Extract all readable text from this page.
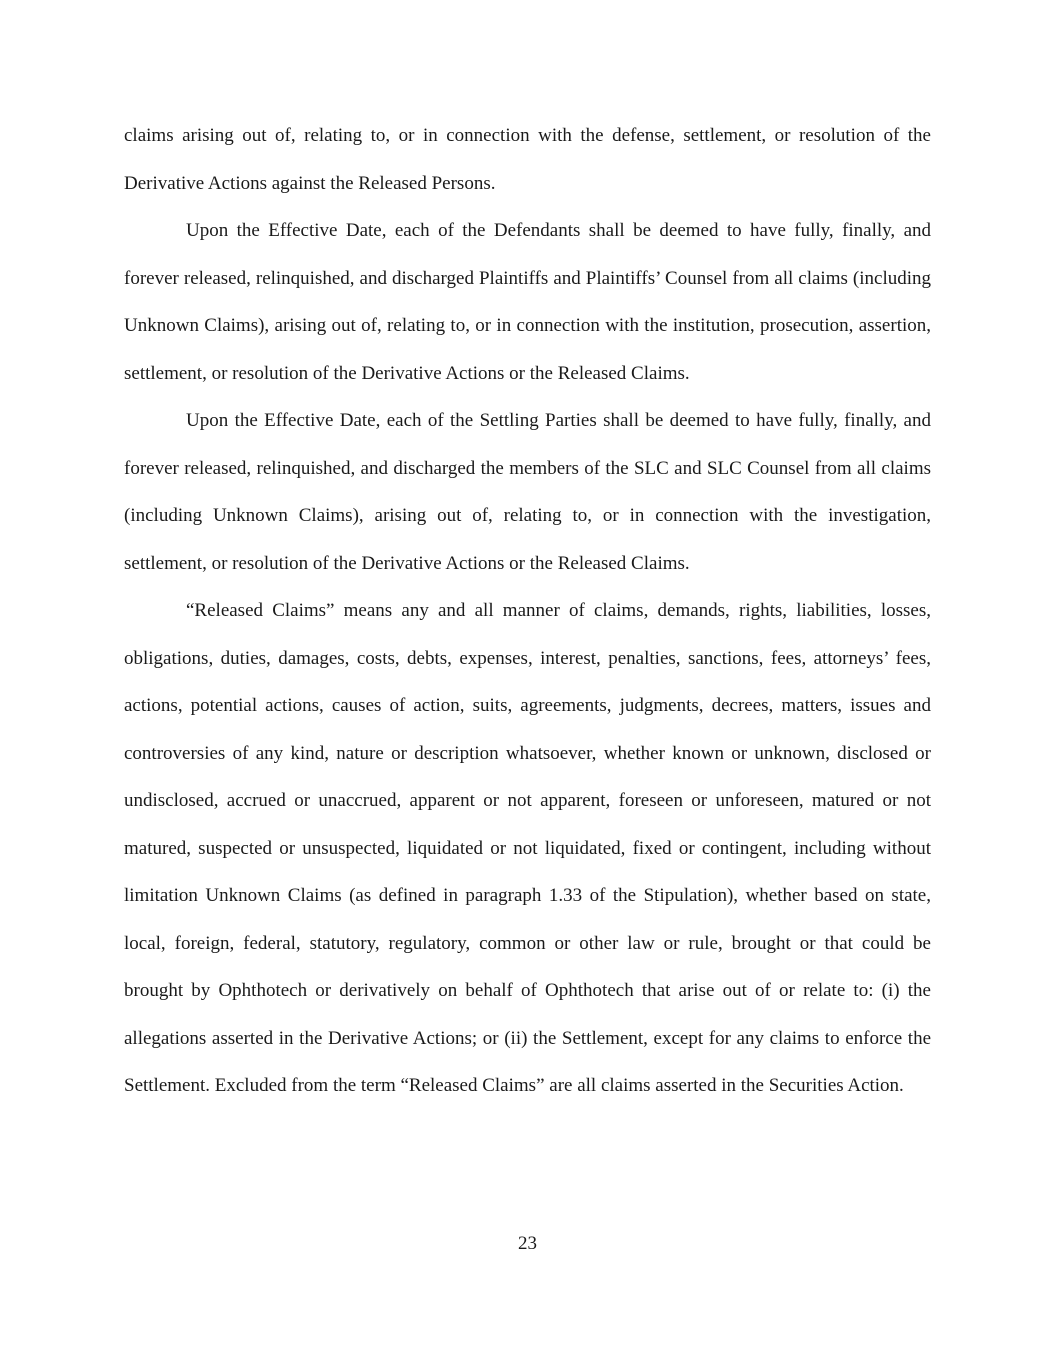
claims arising out of, relating to, or in connection with the defense, settlement, or resolution of the Derivative Actions against the Released Persons.

Upon the Effective Date, each of the Defendants shall be deemed to have fully, finally, and forever released, relinquished, and discharged Plaintiffs and Plaintiffs’ Counsel from all claims (including Unknown Claims), arising out of, relating to, or in connection with the institution, prosecution, assertion, settlement, or resolution of the Derivative Actions or the Released Claims.

Upon the Effective Date, each of the Settling Parties shall be deemed to have fully, finally, and forever released, relinquished, and discharged the members of the SLC and SLC Counsel from all claims (including Unknown Claims), arising out of, relating to, or in connection with the investigation, settlement, or resolution of the Derivative Actions or the Released Claims.

“Released Claims” means any and all manner of claims, demands, rights, liabilities, losses, obligations, duties, damages, costs, debts, expenses, interest, penalties, sanctions, fees, attorneys’ fees, actions, potential actions, causes of action, suits, agreements, judgments, decrees, matters, issues and controversies of any kind, nature or description whatsoever, whether known or unknown, disclosed or undisclosed, accrued or unaccrued, apparent or not apparent, foreseen or unforeseen, matured or not matured, suspected or unsuspected, liquidated or not liquidated, fixed or contingent, including without limitation Unknown Claims (as defined in paragraph 1.33 of the Stipulation), whether based on state, local, foreign, federal, statutory, regulatory, common or other law or rule, brought or that could be brought by Ophthotech or derivatively on behalf of Ophthotech that arise out of or relate to: (i) the allegations asserted in the Derivative Actions; or (ii) the Settlement, except for any claims to enforce the Settlement. Excluded from the term “Released Claims” are all claims asserted in the Securities Action.

23
